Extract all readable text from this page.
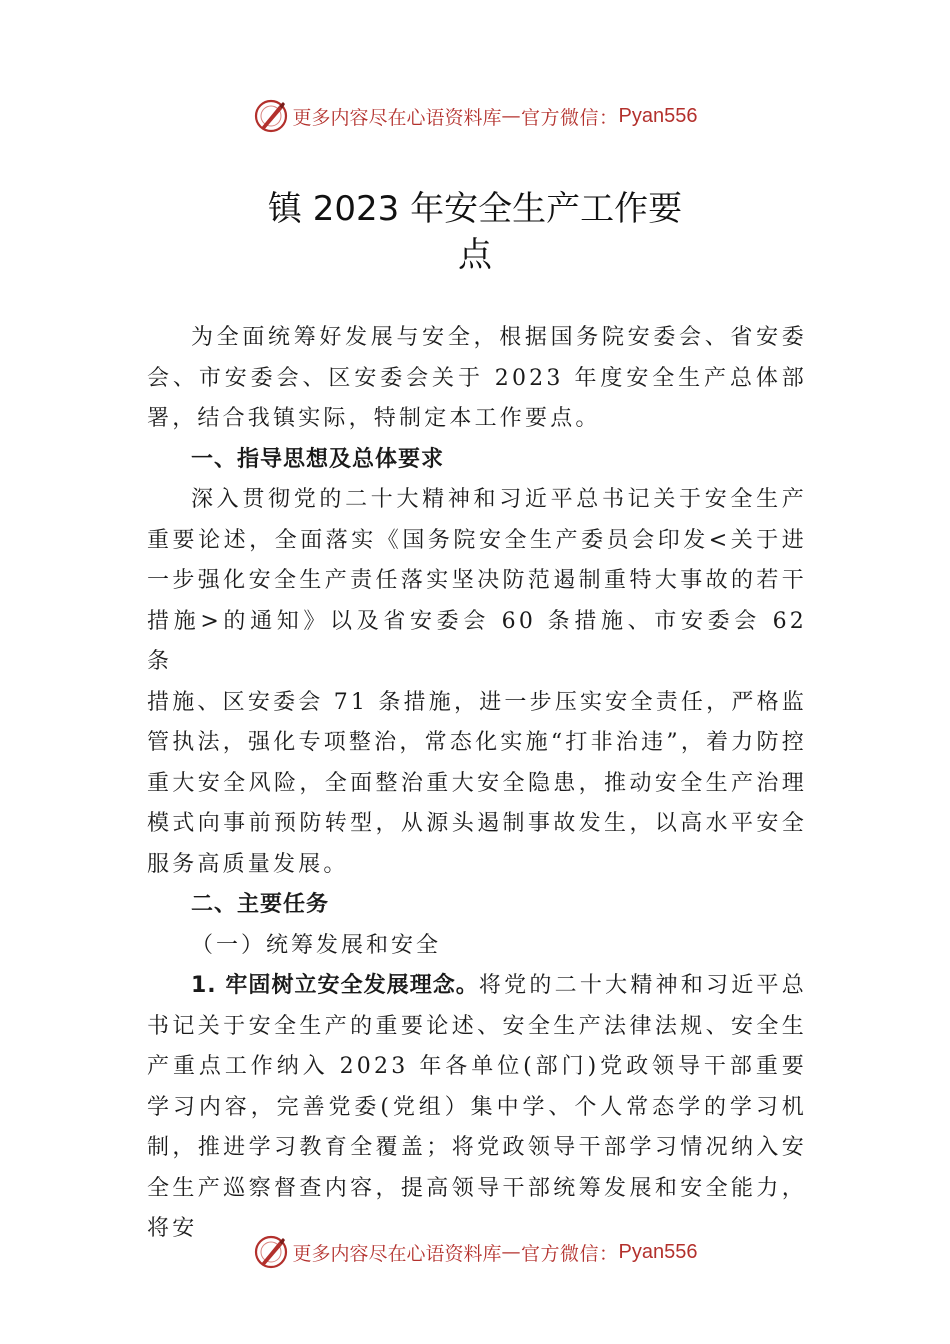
更多内容尽在心语资料库 — 官方微信： Pyan556
镇 2023 年安全生产工作要
点

为全面统筹好发展与安全，根据国务院安委会、省安委会、市安委会、区安委会关于 2023 年度安全生产总体部署，结合我镇实际，特制定本工作要点。

一、指导思想及总体要求

深入贯彻党的二十大精神和习近平总书记关于安全生产重要论述，全面落实《国务院安全生产委员会印发<关于进一步强化安全生产责任落实坚决防范遏制重特大事故的若干措施>的通知》以及省安委会 60 条措施、市安委会 62 条

措施、区安委会 71 条措施，进一步压实安全责任，严格监管执法，强化专项整治，常态化实施“打非治违”，着力防控重大安全风险，全面整治重大安全隐患，推动安全生产治理模式向事前预防转型，从源头遏制事故发生，以高水平安全服务高质量发展。

二、主要任务

（一）统筹发展和安全

1. 牢固树立安全发展理念。将党的二十大精神和习近平总书记关于安全生产的重要论述、安全生产法律法规、安全生产重点工作纳入 2023 年各单位(部门)党政领导干部重要学习内容，完善党委(党组）集中学、个人常态学的学习机制，推进学习教育全覆盖；将党政领导干部学习情况纳入安全生产巡察督查内容，提高领导干部统筹发展和安全能力，将安

更多内容尽在心语资料库 — 官方微信： Pyan556
